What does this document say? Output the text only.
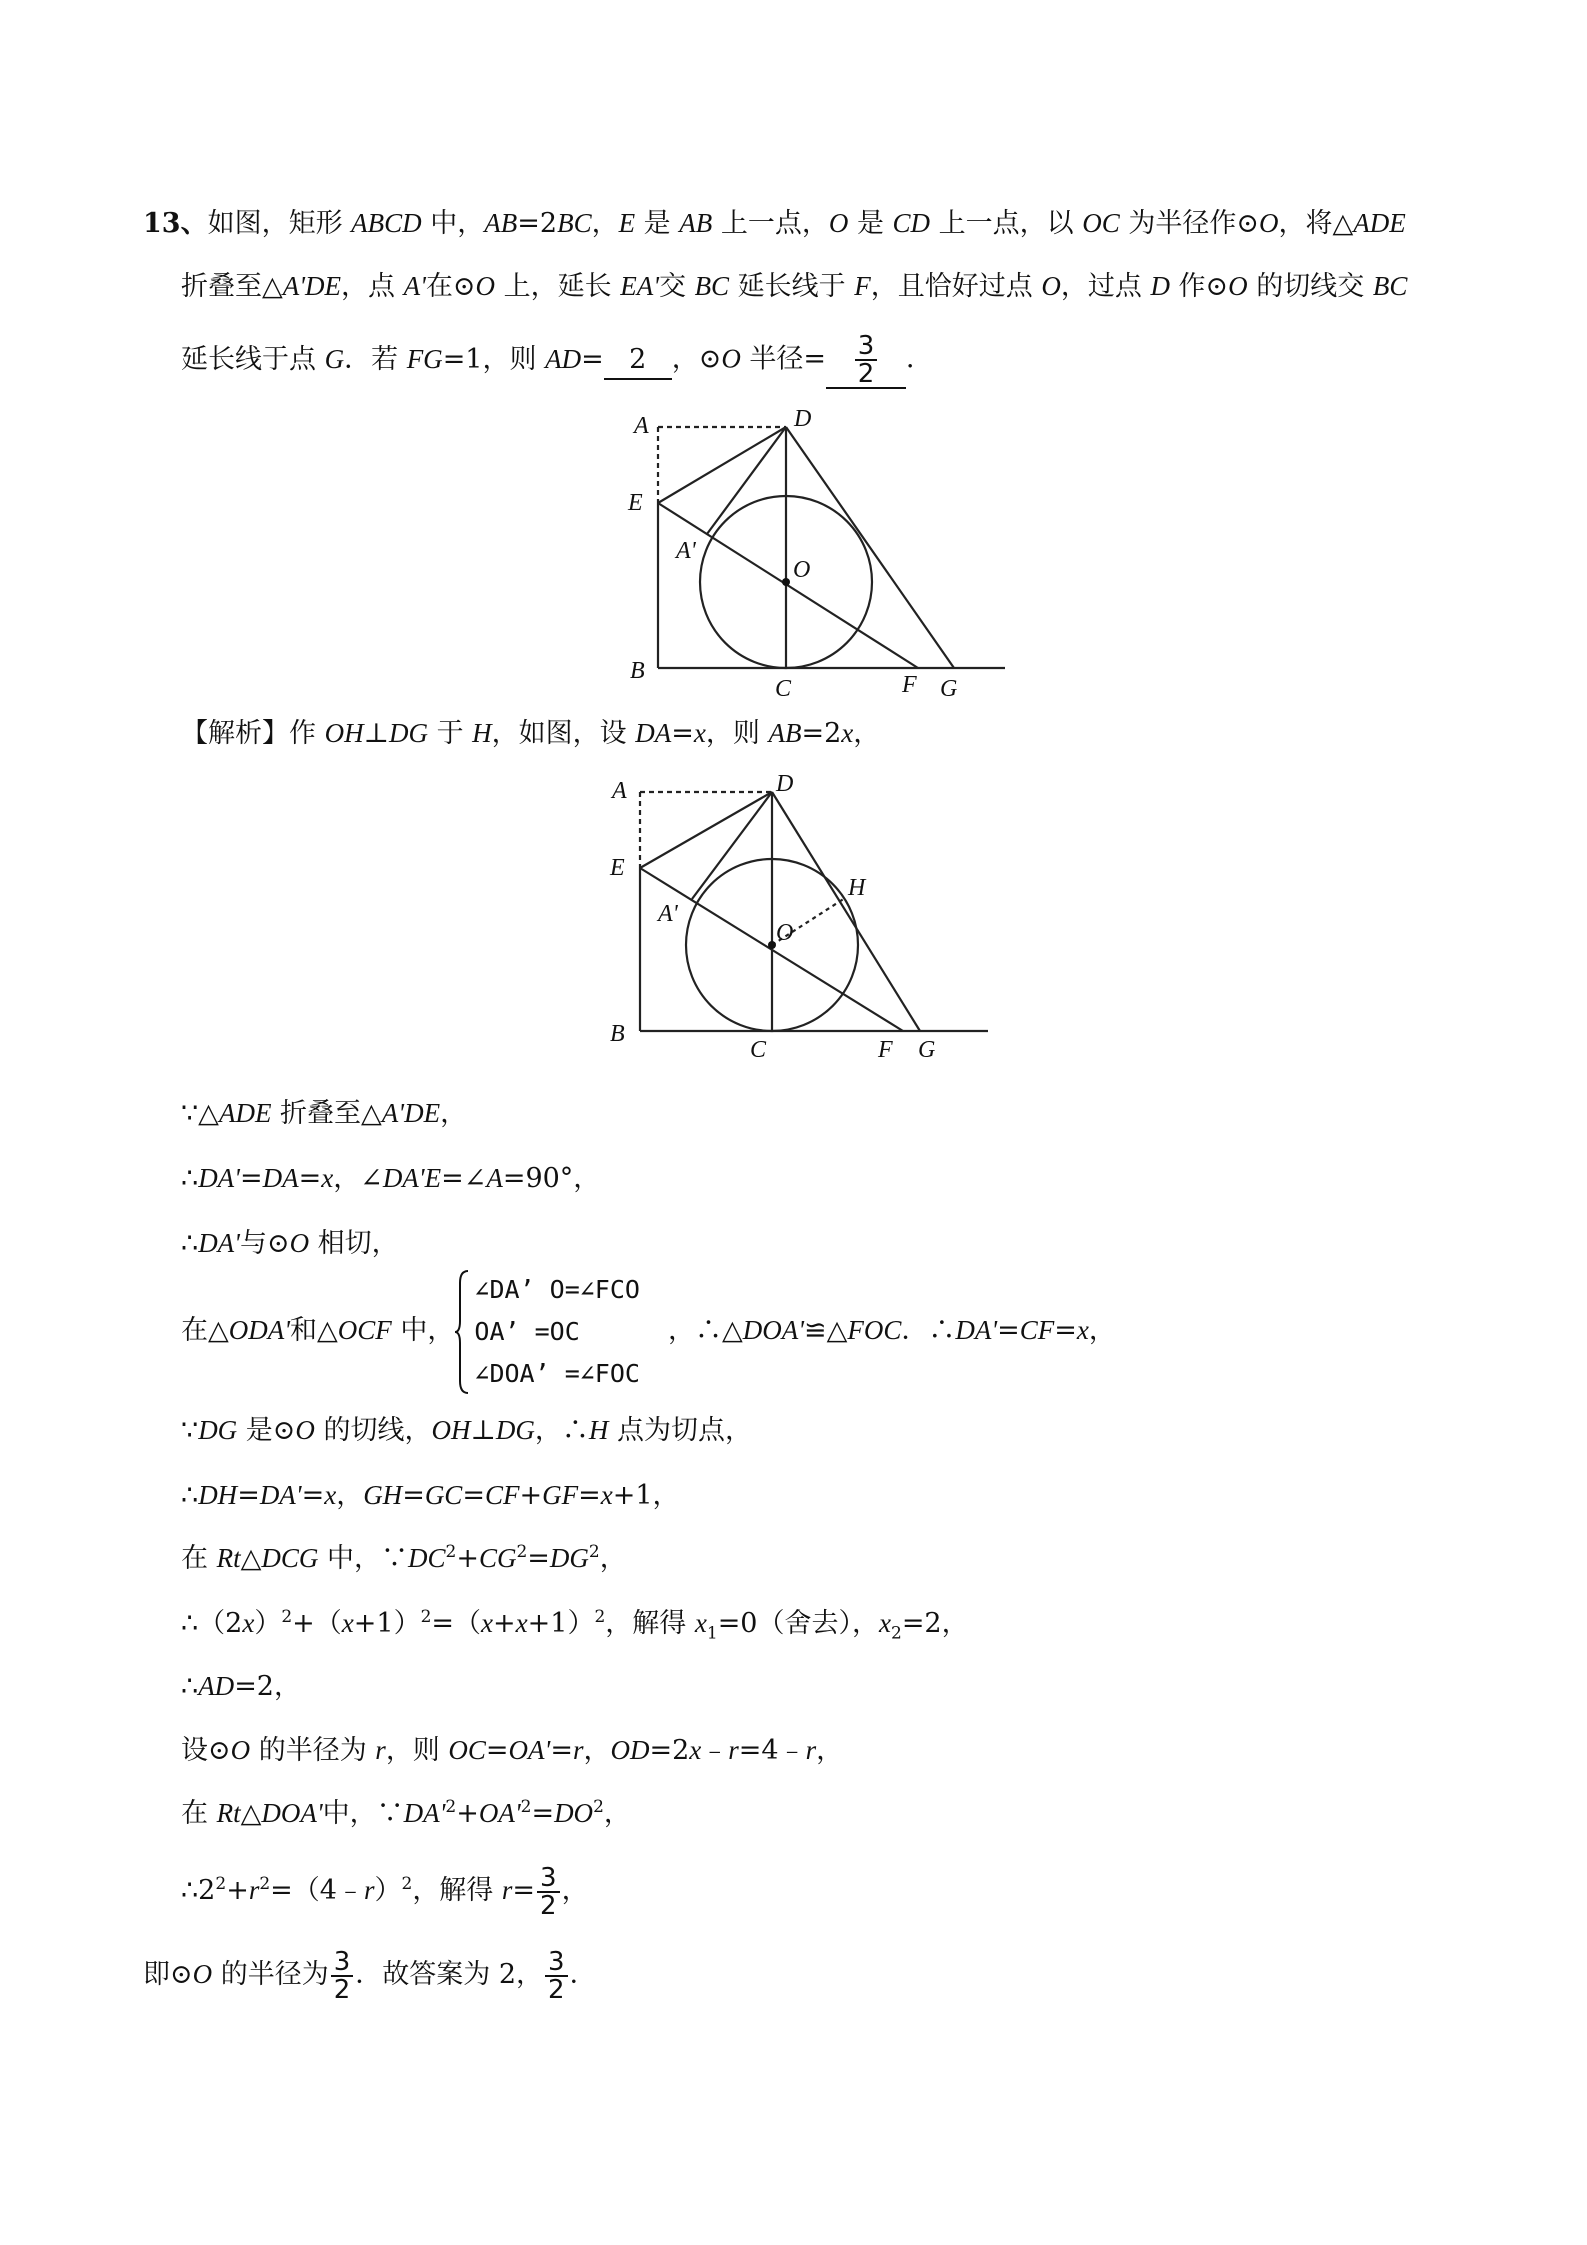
13、如图，矩形 ABCD 中，AB=2BC，E 是 AB 上一点，O 是 CD 上一点，以 OC 为半径作⊙O，将△ADE
折叠至△A'DE，点 A'在⊙O 上，延长 EA'交 BC 延长线于 F，且恰好过点 O，过点 D 作⊙O 的切线交 BC
延长线于点 G．若 FG=1，则 AD= 2 ，⊙O 半径= $\frac{3}{2}$ ．
A	D
E
A'
O
B
C	F G
【解析】作 OH⊥DG 于 H，如图，设 DA=x，则 AB=2x，
A	D
E
A'
O
H
B
C	F G
∵△ADE 折叠至△A'DE，
∴DA'=DA=x，∠DA'E=∠A=90°，
∴DA'与⊙O 相切，
在△ODA'和△OCF 中，
∠DA’ O=∠FCO
OA’ =OC
∠DOA’ =∠FOC
，∴△DOA'≌△FOC．∴DA'=CF=x，
∵DG 是⊙O 的切线，OH⊥DG，∴H 点为切点，
∴DH=DA'=x，GH=GC=CF+GF=x+1，
在 Rt△DCG 中，$\because DC^2+CG^2=DG^2$，
$\therefore(2x)^2+(x+1)^2=(x+x+1)^2$，解得 $x_1=0$（舍去），$x_2=2$，
∴AD=2，
设⊙O 的半径为 r，则 OC=OA'=r，OD=2x﹣r=4﹣r，
在 Rt△DOA'中，$\because DA'^2+OA'^2=DO^2$，
$\therefore 2^2+r^2=(4﹣r)^2$，解得 $r= \frac{3}{2}$ ，
即⊙O 的半径为 $\frac{3}{2}$ ．故答案为 2， $\frac{3}{2}$ ．
